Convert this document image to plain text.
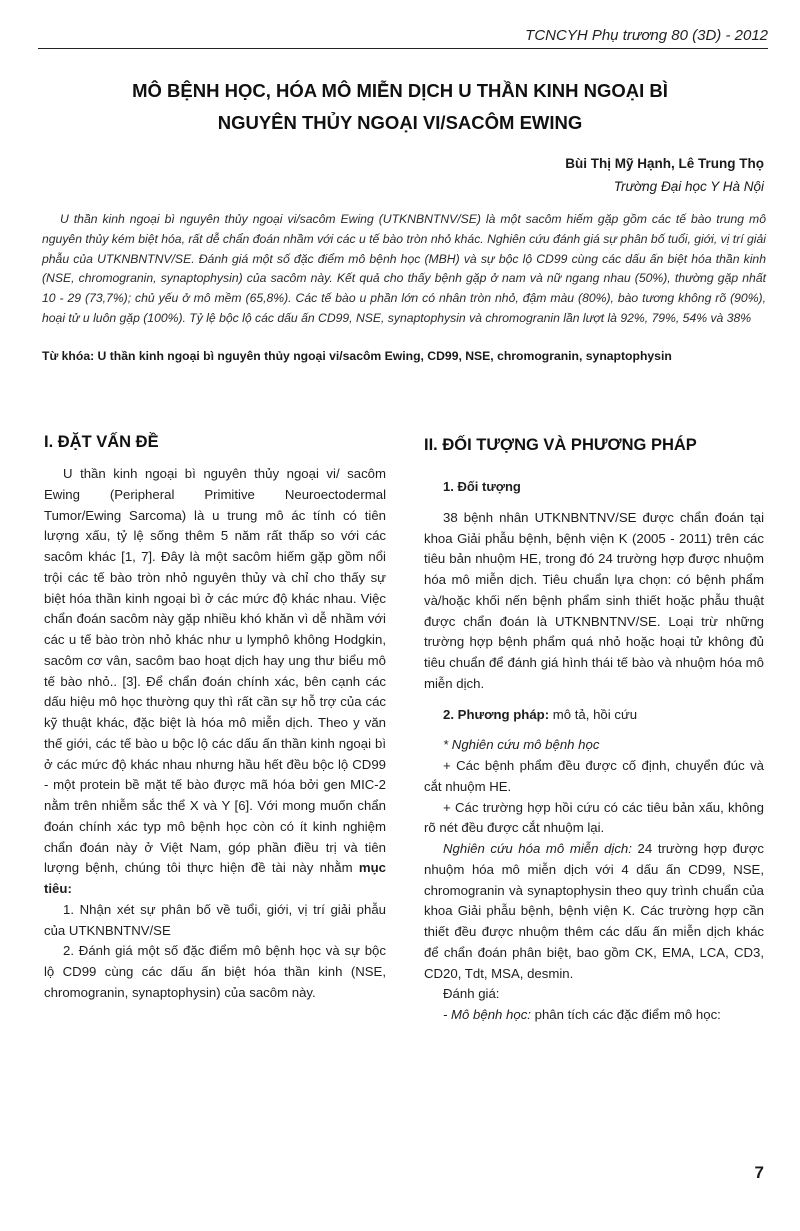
TCNCYH Phụ trương 80 (3D) - 2012
MÔ BỆNH HỌC, HÓA MÔ MIỄN DỊCH U THẦN KINH NGOẠI BÌ
NGUYÊN THỦY NGOẠI VI/SACÔM EWING
Bùi Thị Mỹ Hạnh, Lê Trung Thọ
Trường Đại học Y Hà Nội
U thần kinh ngoại bì nguyên thủy ngoại vi/sacôm Ewing (UTKNBNTNV/SE) là một sacôm hiếm gặp gồm các tế bào trung mô nguyên thủy kém biệt hóa, rất dễ chẩn đoán nhầm với các u tế bào tròn nhỏ khác. Nghiên cứu đánh giá sự phân bố tuổi, giới, vị trí giải phẫu của UTKNBNTNV/SE. Đánh giá một số đặc điểm mô bệnh học (MBH) và sự bộc lộ CD99 cùng các dấu ấn biệt hóa thần kinh (NSE, chromogranin, synaptophysin) của sacôm này. Kết quả cho thấy bệnh gặp ở nam và nữ ngang nhau (50%), thường gặp nhất 10 - 29 (73,7%); chủ yếu ở mô mềm (65,8%). Các tế bào u phần lớn có nhân tròn nhỏ, đậm màu (80%), bào tương không rõ (90%), hoại tử u luôn gặp (100%). Tỷ lệ bộc lộ các dấu ấn CD99, NSE, synaptophysin và chromogranin lần lượt là 92%, 79%, 54% và 38%
Từ khóa: U thần kinh ngoại bì nguyên thủy ngoại vi/sacôm Ewing, CD99, NSE, chromogranin, synaptophysin
I. ĐẶT VẤN ĐỀ

U thần kinh ngoại bì nguyên thủy ngoại vi/ sacôm Ewing (Peripheral Primitive Neuroectodermal Tumor/Ewing Sarcoma) là u trung mô ác tính có tiên lượng xấu, tỷ lệ sống thêm 5 năm rất thấp so với các sacôm khác [1, 7]. Đây là một sacôm hiếm gặp gồm nổi trội các tế bào tròn nhỏ nguyên thủy và chỉ cho thấy sự biệt hóa thần kinh ngoại bì ở các mức độ khác nhau. Việc chẩn đoán sacôm này gặp nhiều khó khăn vì dễ nhầm với các u tế bào tròn nhỏ khác như u lymphô không Hodgkin, sacôm cơ vân, sacôm bao hoạt dịch hay ung thư biểu mô tế bào nhỏ.. [3]. Để chẩn đoán chính xác, bên cạnh các dấu hiệu mô học thường quy thì rất cần sự hỗ trợ của các kỹ thuật khác, đặc biệt là hóa mô miễn dịch. Theo y văn thế giới, các tế bào u bộc lộ các dấu ấn thần kinh ngoại bì ở các mức độ khác nhau nhưng hầu hết đều bộc lộ CD99 - một protein bề mặt tế bào được mã hóa bởi gen MIC-2 nằm trên nhiễm sắc thể X và Y [6]. Với mong muốn chẩn đoán chính xác typ mô bệnh học còn có ít kinh nghiệm chẩn đoán này ở Việt Nam, góp phần điều trị và tiên lượng bệnh, chúng tôi thực hiện đề tài này nhằm mục tiêu:

1. Nhận xét sự phân bố về tuổi, giới, vị trí giải phẫu của UTKNBNTNV/SE

2. Đánh giá một số đặc điểm mô bệnh học và sự bộc lộ CD99 cùng các dấu ấn biệt hóa thần kinh (NSE, chromogranin, synaptophysin) của sacôm này.

II. ĐỐI TƯỢNG VÀ PHƯƠNG PHÁP
1. Đối tượng

38 bệnh nhân UTKNBNTNV/SE được chẩn đoán tại khoa Giải phẫu bệnh, bệnh viện K (2005 - 2011) trên các tiêu bản nhuộm HE, trong đó 24 trường hợp được nhuộm hóa mô miễn dịch. Tiêu chuẩn lựa chọn: có bệnh phẩm và/hoặc khối nến bệnh phẩm sinh thiết hoặc phẫu thuật được chẩn đoán là UTKNBNTNV/SE. Loại trừ những trường hợp bệnh phẩm quá nhỏ hoặc hoại tử không đủ tiêu chuẩn để đánh giá hình thái tế bào và nhuộm hóa mô miễn dịch.

2. Phương pháp: mô tả, hồi cứu

* Nghiên cứu mô bệnh học

+ Các bệnh phẩm đều được cố định, chuyển đúc và cắt nhuộm HE.

+ Các trường hợp hồi cứu có các tiêu bản xấu, không rõ nét đều được cắt nhuộm lại.

Nghiên cứu hóa mô miễn dịch: 24 trường hợp được nhuộm hóa mô miễn dịch với 4 dấu ấn CD99, NSE, chromogranin và synaptophysin theo quy trình chuẩn của khoa Giải phẫu bệnh, bệnh viện K. Các trường hợp cần thiết đều được nhuộm thêm các dấu ấn miễn dịch khác để chẩn đoán phân biệt, bao gồm CK, EMA, LCA, CD3, CD20, Tdt, MSA, desmin.

Đánh giá:

- Mô bệnh học: phân tích các đặc điểm mô học:

7
